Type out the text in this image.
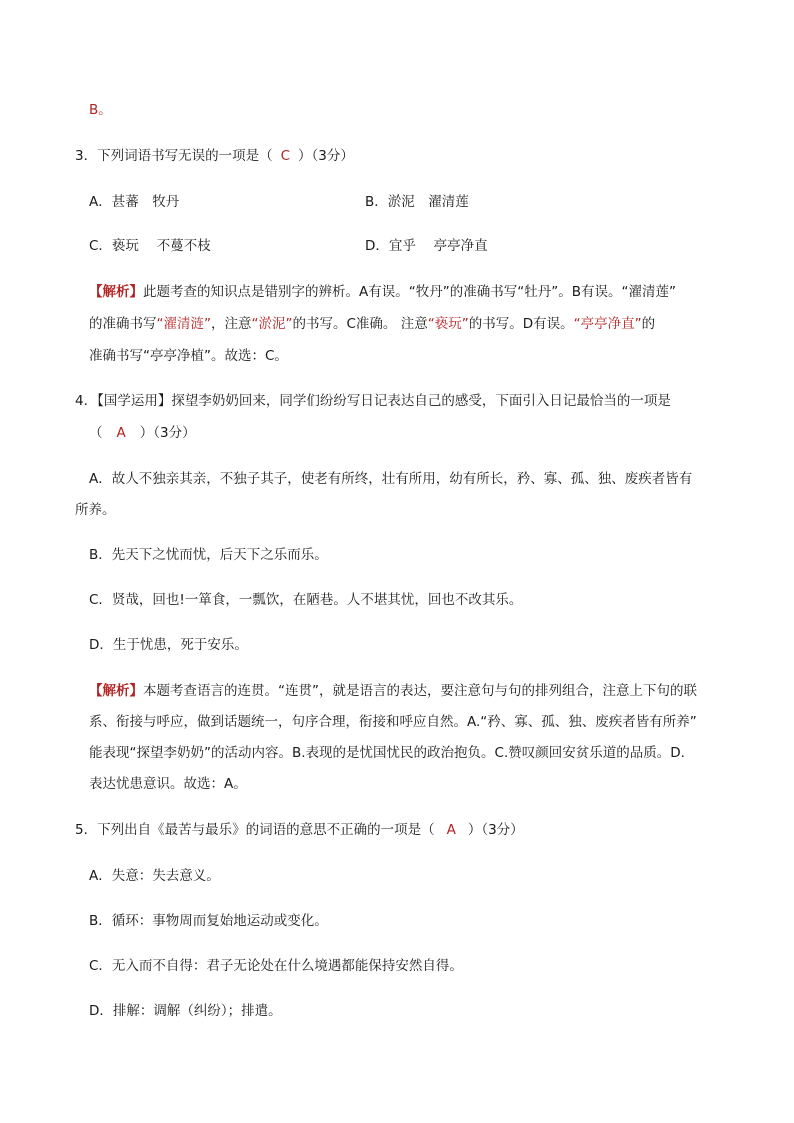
B。
3．下列词语书写无误的一项是（ C ）（3分）
A．甚蕃　牧丹	B．淤泥　濯清莲
C．亵玩　 不蔓不枝	D．宜乎　 亭亭净直
【解析】此题考查的知识点是错别字的辨析。A有误。“牧丹”的准确书写“牡丹”。B有误。“濯清莲”
的准确书写“濯清涟”，注意“淤泥”的书写。C准确。 注意“亵玩”的书写。D有误。“亭亭净直”的
准确书写“亭亭净植”。故选：C。
4．【国学运用】探望李奶奶回来，同学们纷纷写日记表达自己的感受，下面引入日记最恰当的一项是
（ A ）（3分）
A．故人不独亲其亲，不独子其子，使老有所终，壮有所用，幼有所长，矜、寡、孤、独、废疾者皆有
所养。
B．先天下之忧而忧，后天下之乐而乐。
C．贤哉，回也!一箪食，一瓢饮，在陋巷。人不堪其忧，回也不改其乐。
D．生于忧患，死于安乐。
【解析】本题考查语言的连贯。“连贯”，就是语言的表达，要注意句与句的排列组合，注意上下句的联
系、衔接与呼应，做到话题统一，句序合理，衔接和呼应自然。A.“矜、寡、孤、独、废疾者皆有所养”
能表现“探望李奶奶”的活动内容。B.表现的是忧国忧民的政治抱负。C.赞叹颜回安贫乐道的品质。D.
表达忧患意识。故选：A。
5．下列出自《最苦与最乐》的词语的意思不正确的一项是（ A ）（3分）
A．失意：失去意义。
B．循环：事物周而复始地运动或变化。
C．无入而不自得：君子无论处在什么境遇都能保持安然自得。
D．排解：调解（纠纷）；排遣。
